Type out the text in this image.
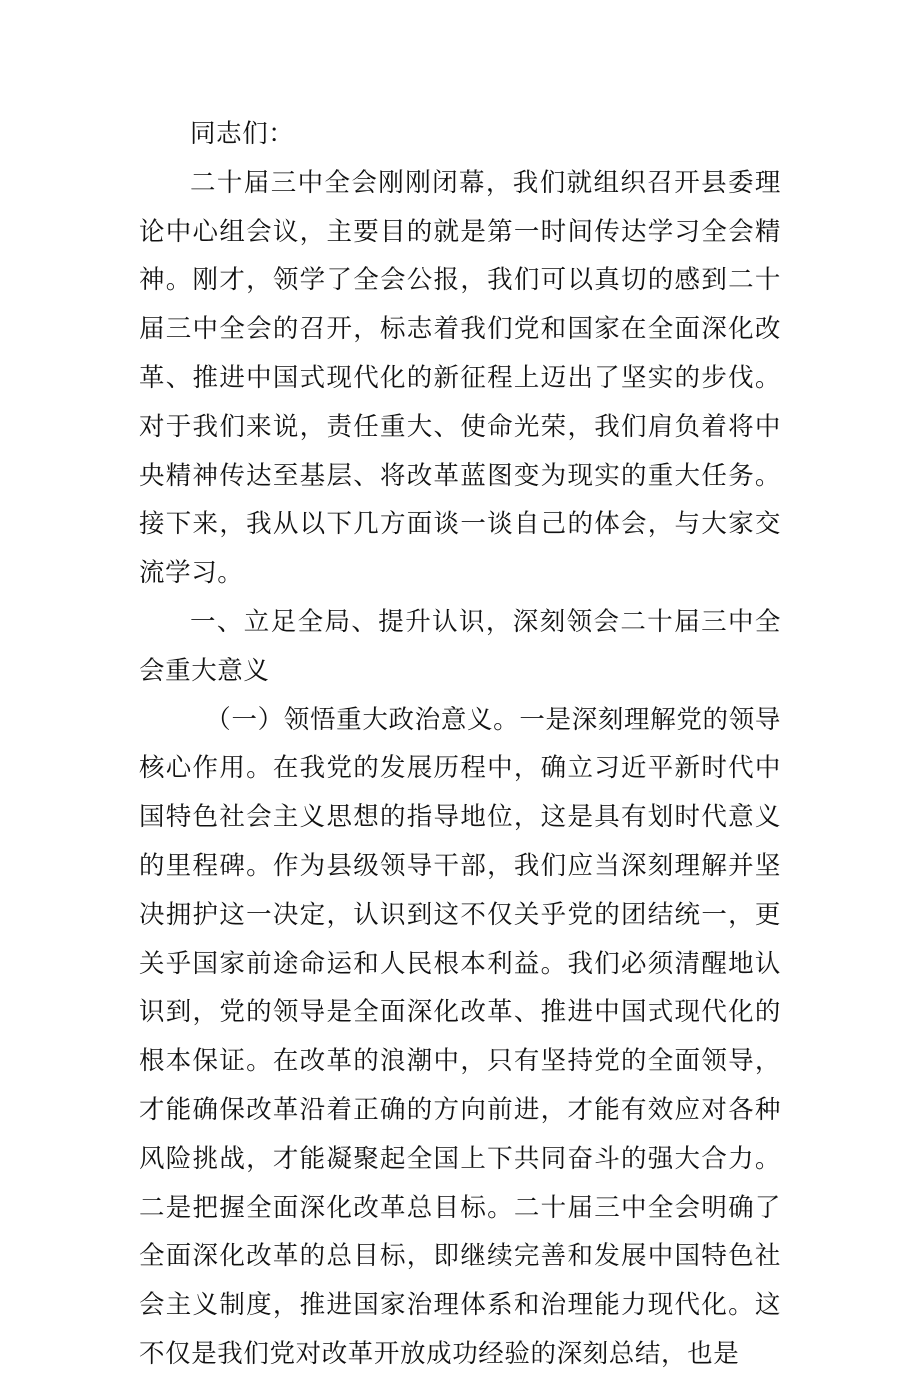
同志们：

二十届三中全会刚刚闭幕，我们就组织召开县委理论中心组会议，主要目的就是第一时间传达学习全会精神。刚才，领学了全会公报，我们可以真切的感到二十届三中全会的召开，标志着我们党和国家在全面深化改革、推进中国式现代化的新征程上迈出了坚实的步伐。对于我们来说，责任重大、使命光荣，我们肩负着将中央精神传达至基层、将改革蓝图变为现实的重大任务。接下来，我从以下几方面谈一谈自己的体会，与大家交流学习。

一、立足全局、提升认识，深刻领会二十届三中全会重大意义

（一）领悟重大政治意义。一是深刻理解党的领导核心作用。在我党的发展历程中，确立习近平新时代中国特色社会主义思想的指导地位，这是具有划时代意义的里程碑。作为县级领导干部，我们应当深刻理解并坚决拥护这一决定，认识到这不仅关乎党的团结统一，更关乎国家前途命运和人民根本利益。我们必须清醒地认识到，党的领导是全面深化改革、推进中国式现代化的根本保证。在改革的浪潮中，只有坚持党的全面领导，才能确保改革沿着正确的方向前进，才能有效应对各种风险挑战，才能凝聚起全国上下共同奋斗的强大合力。二是把握全面深化改革总目标。二十届三中全会明确了全面深化改革的总目标，即继续完善和发展中国特色社会主义制度，推进国家治理体系和治理能力现代化。这不仅是我们党对改革开放成功经验的深刻总结，也是
